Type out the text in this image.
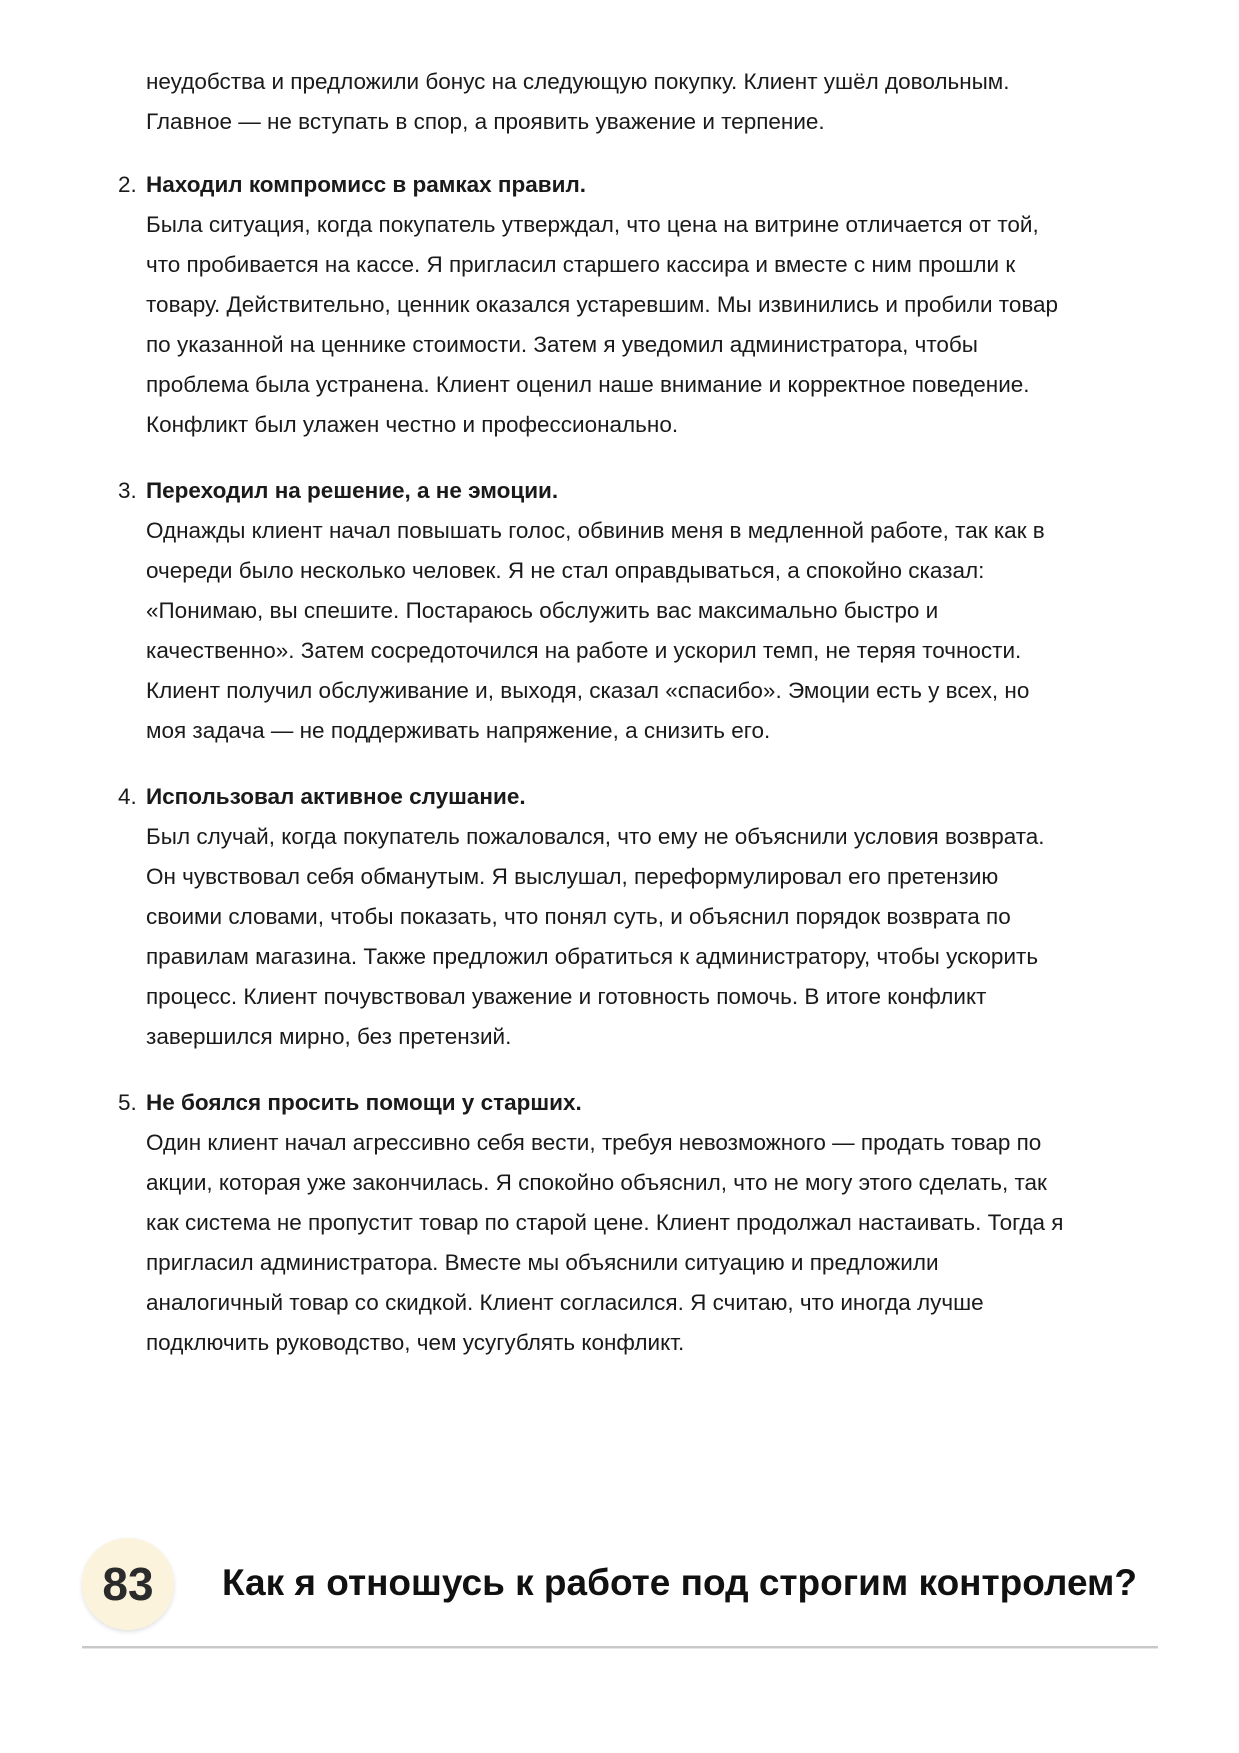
неудобства и предложили бонус на следующую покупку. Клиент ушёл довольным.
Главное — не вступать в спор, а проявить уважение и терпение.
2. Находил компромисс в рамках правил.

Была ситуация, когда покупатель утверждал, что цена на витрине отличается от той,
что пробивается на кассе. Я пригласил старшего кассира и вместе с ним прошли к
товару. Действительно, ценник оказался устаревшим. Мы извинились и пробили товар
по указанной на ценнике стоимости. Затем я уведомил администратора, чтобы
проблема была устранена. Клиент оценил наше внимание и корректное поведение.
Конфликт был улажен честно и профессионально.
3. Переходил на решение, а не эмоции.

Однажды клиент начал повышать голос, обвинив меня в медленной работе, так как в
очереди было несколько человек. Я не стал оправдываться, а спокойно сказал:
«Понимаю, вы спешите. Постараюсь обслужить вас максимально быстро и
качественно». Затем сосредоточился на работе и ускорил темп, не теряя точности.
Клиент получил обслуживание и, выходя, сказал «спасибо». Эмоции есть у всех, но
моя задача — не поддерживать напряжение, а снизить его.
4. Использовал активное слушание.

Был случай, когда покупатель пожаловался, что ему не объяснили условия возврата.
Он чувствовал себя обманутым. Я выслушал, переформулировал его претензию
своими словами, чтобы показать, что понял суть, и объяснил порядок возврата по
правилам магазина. Также предложил обратиться к администратору, чтобы ускорить
процесс. Клиент почувствовал уважение и готовность помочь. В итоге конфликт
завершился мирно, без претензий.
5. Не боялся просить помощи у старших.

Один клиент начал агрессивно себя вести, требуя невозможного — продать товар по
акции, которая уже закончилась. Я спокойно объяснил, что не могу этого сделать, так
как система не пропустит товар по старой цене. Клиент продолжал настаивать. Тогда я
пригласил администратора. Вместе мы объяснили ситуацию и предложили
аналогичный товар со скидкой. Клиент согласился. Я считаю, что иногда лучше
подключить руководство, чем усугублять конфликт.
83	Как я отношусь к работе под строгим контролем?
